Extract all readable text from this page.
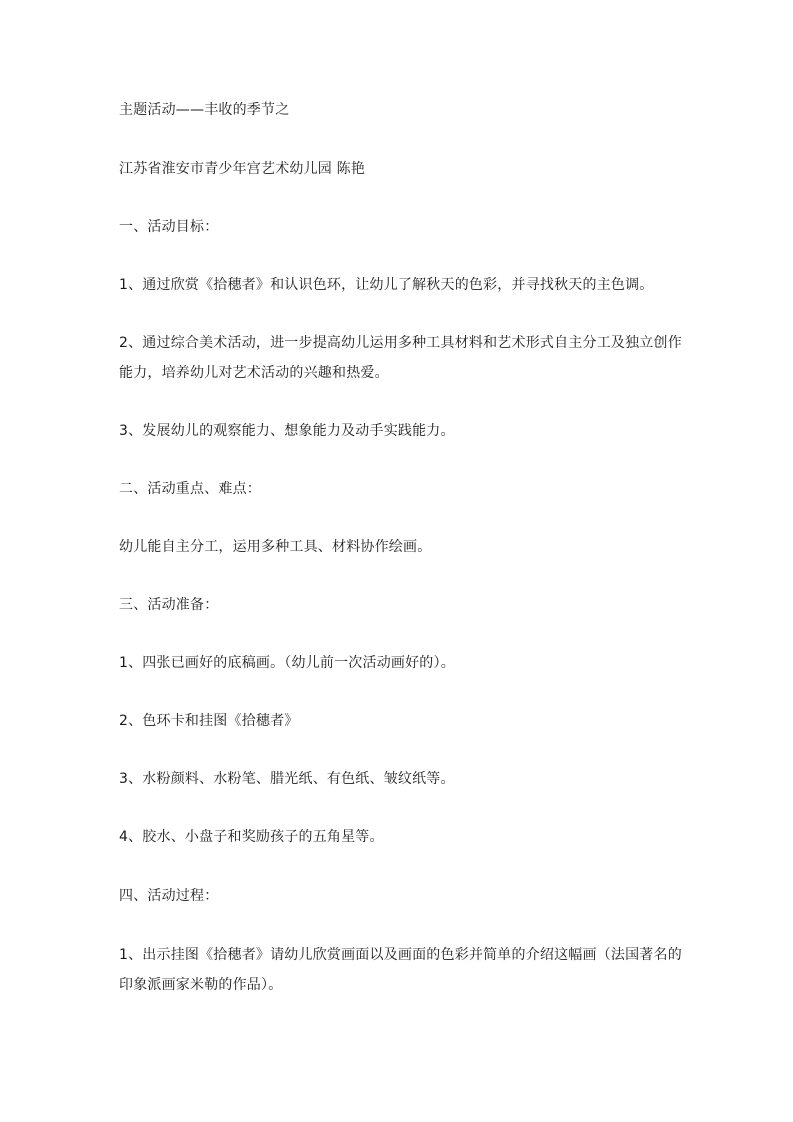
主题活动——丰收的季节之
江苏省淮安市青少年宫艺术幼儿园 陈艳
一、活动目标：
1、通过欣赏《拾穗者》和认识色环，让幼儿了解秋天的色彩，并寻找秋天的主色调。
2、通过综合美术活动，进一步提高幼儿运用多种工具材料和艺术形式自主分工及独立创作能力，培养幼儿对艺术活动的兴趣和热爱。
3、发展幼儿的观察能力、想象能力及动手实践能力。
二、活动重点、难点：
幼儿能自主分工，运用多种工具、材料协作绘画。
三、活动准备：
1、四张已画好的底稿画。（幼儿前一次活动画好的）。
2、色环卡和挂图《拾穗者》
3、水粉颜料、水粉笔、腊光纸、有色纸、皱纹纸等。
4、胶水、小盘子和奖励孩子的五角星等。
四、活动过程：
1、出示挂图《拾穗者》请幼儿欣赏画面以及画面的色彩并简单的介绍这幅画（法国著名的印象派画家米勒的作品）。
